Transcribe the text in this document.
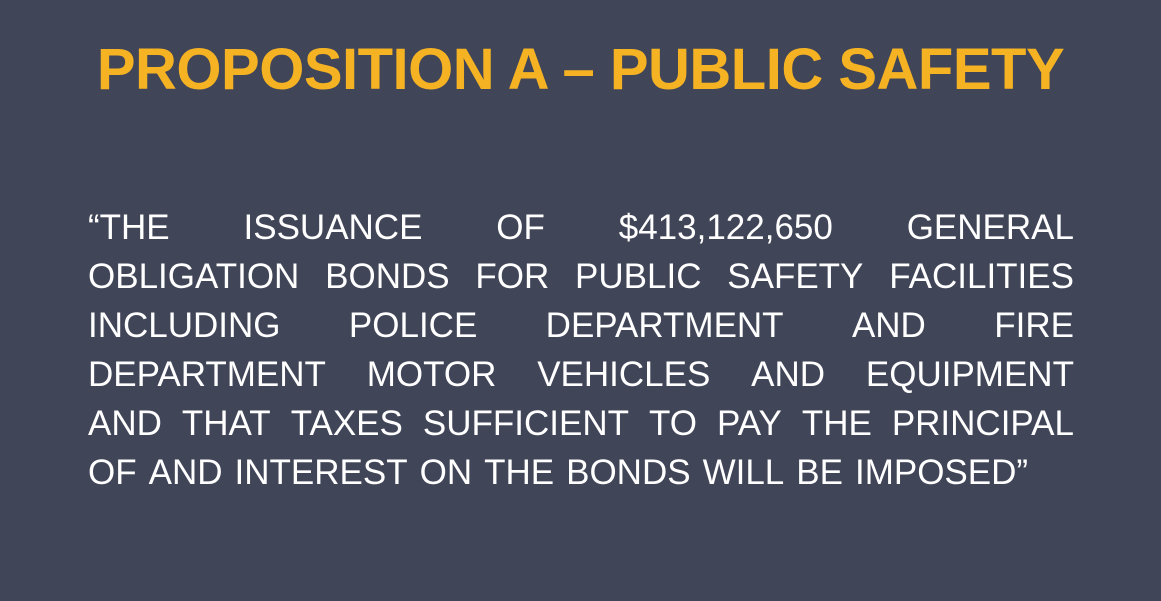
PROPOSITION A – PUBLIC SAFETY
“THE ISSUANCE OF $413,122,650 GENERAL
OBLIGATION BONDS FOR PUBLIC SAFETY FACILITIES
INCLUDING POLICE DEPARTMENT AND FIRE
DEPARTMENT MOTOR VEHICLES AND EQUIPMENT
AND THAT TAXES SUFFICIENT TO PAY THE PRINCIPAL
OF AND INTEREST ON THE BONDS WILL BE IMPOSED”
